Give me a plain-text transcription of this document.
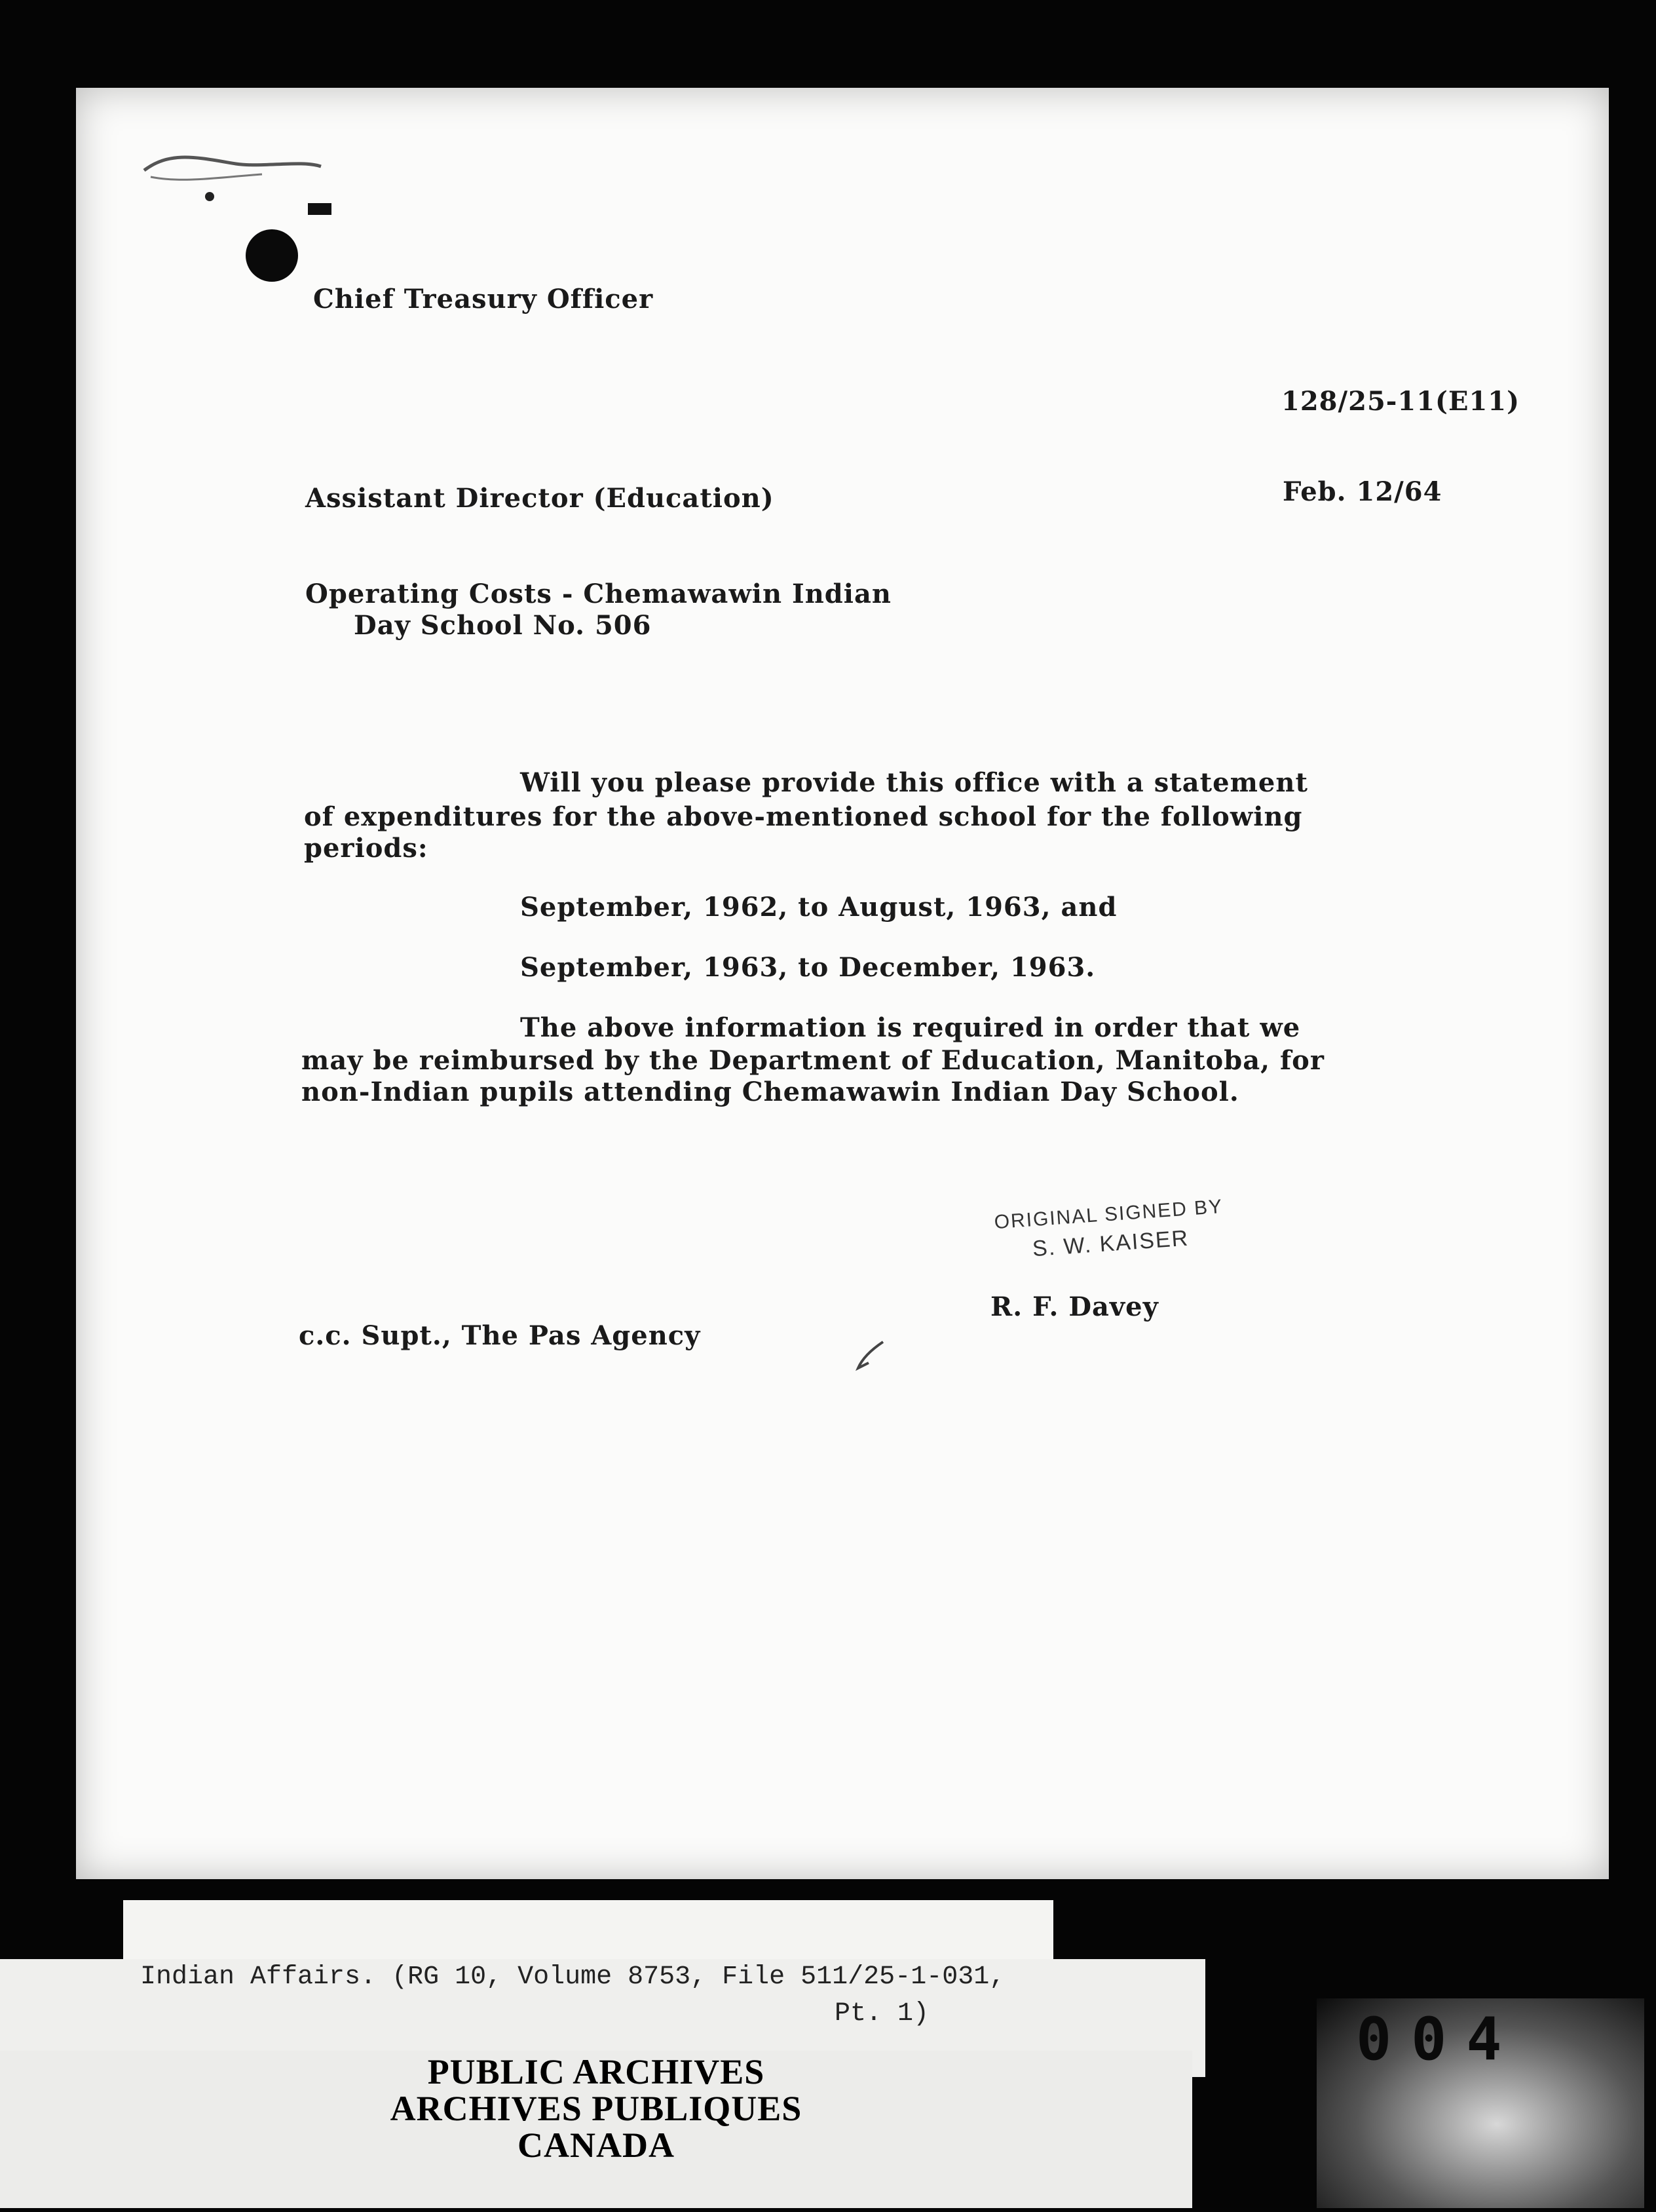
Chief Treasury Officer
128/25-11(E11)
Assistant Director (Education)	Feb. 12/64
Operating Costs - Chemawawin Indian
Day School No. 506
Will you please provide this office with a statement
of expenditures for the above-mentioned school for the following
periods:
September, 1962, to August, 1963, and
September, 1963, to December, 1963.
The above information is required in order that we
may be reimbursed by the Department of Education, Manitoba, for
non-Indian pupils attending Chemawawin Indian Day School.
ORIGINAL SIGNED BY
S. W. KAISER
R. F. Davey
c.c. Supt., The Pas Agency
Indian Affairs. (RG 10, Volume 8753, File 511/25-1-031,
Pt. 1)
PUBLIC ARCHIVES
ARCHIVES PUBLIQUES
CANADA
004
